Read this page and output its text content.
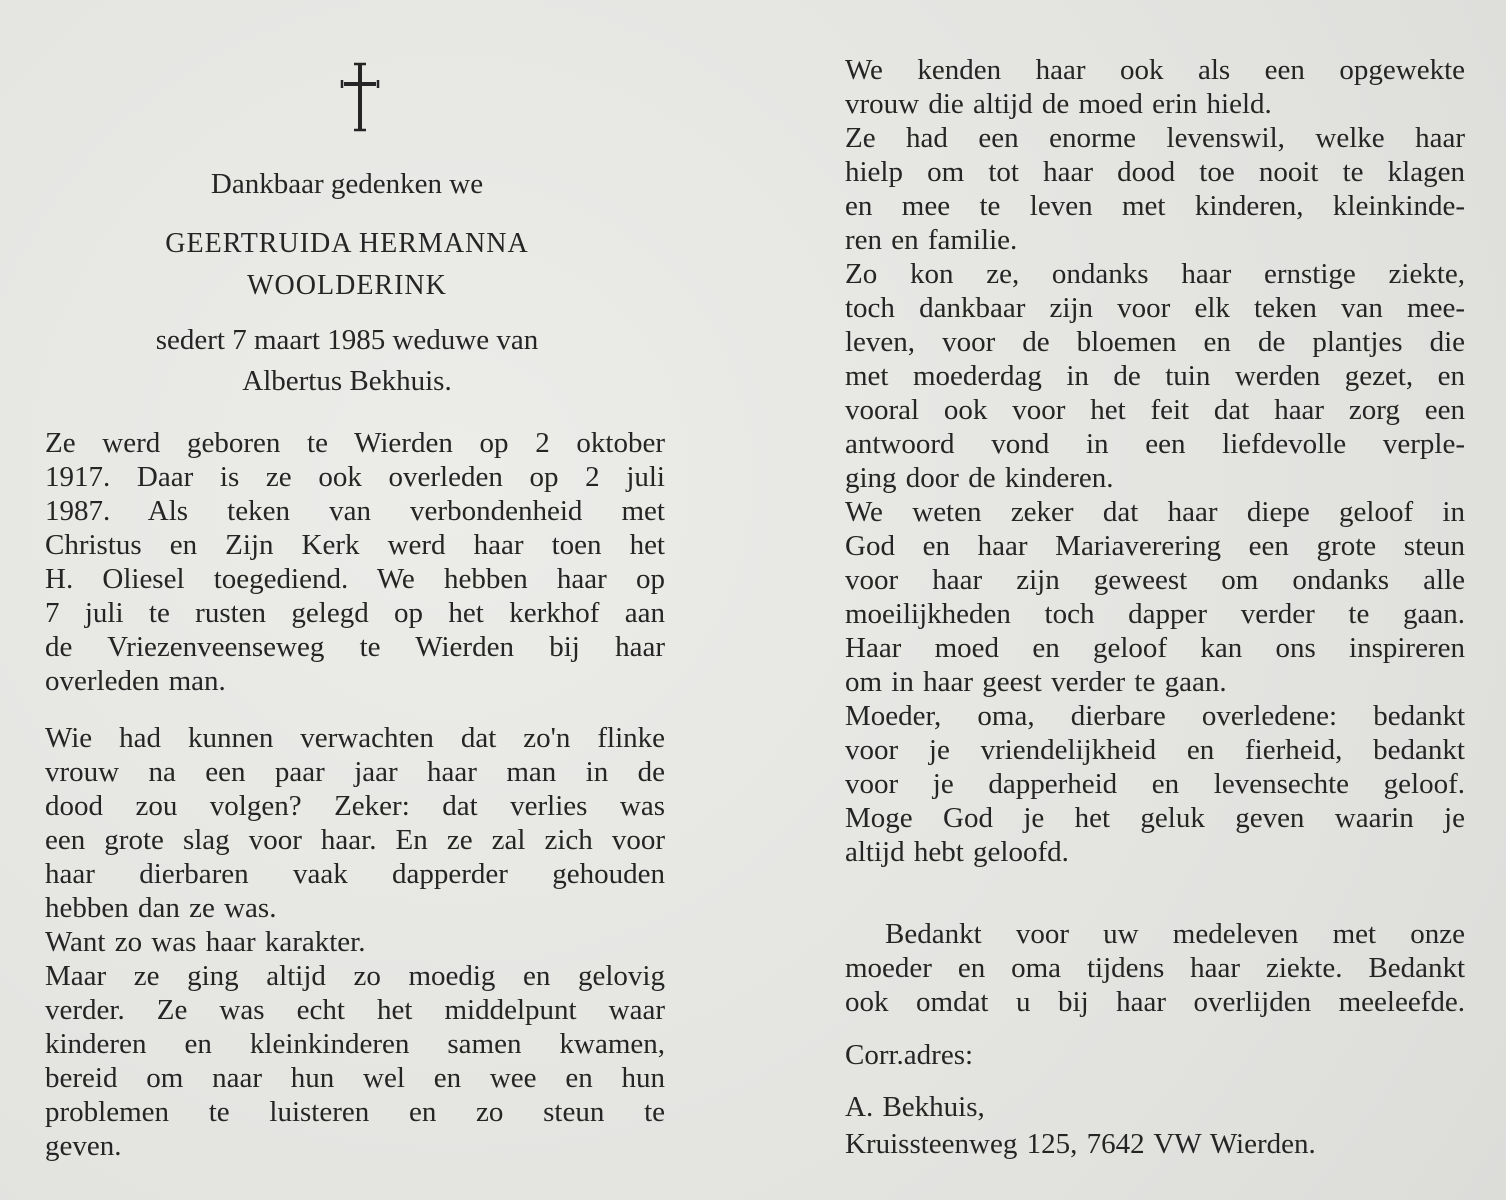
Dankbaar gedenken we
GEERTRUIDA HERMANNA
WOOLDERINK
sedert 7 maart 1985 weduwe van
Albertus Bekhuis.
Ze werd geboren te Wierden op 2 oktober
1917. Daar is ze ook overleden op 2 juli
1987. Als teken van verbondenheid met
Christus en Zijn Kerk werd haar toen het
H. Oliesel toegediend. We hebben haar op
7 juli te rusten gelegd op het kerkhof aan
de Vriezenveenseweg te Wierden bij haar
overleden man.
Wie had kunnen verwachten dat zo'n flinke
vrouw na een paar jaar haar man in de
dood zou volgen? Zeker: dat verlies was
een grote slag voor haar. En ze zal zich voor
haar dierbaren vaak dapperder gehouden
hebben dan ze was.
Want zo was haar karakter.
Maar ze ging altijd zo moedig en gelovig
verder. Ze was echt het middelpunt waar
kinderen en kleinkinderen samen kwamen,
bereid om naar hun wel en wee en hun
problemen te luisteren en zo steun te
geven.
We kenden haar ook als een opgewekte
vrouw die altijd de moed erin hield.
Ze had een enorme levenswil, welke haar
hielp om tot haar dood toe nooit te klagen
en mee te leven met kinderen, kleinkinde-
ren en familie.
Zo kon ze, ondanks haar ernstige ziekte,
toch dankbaar zijn voor elk teken van mee-
leven, voor de bloemen en de plantjes die
met moederdag in de tuin werden gezet, en
vooral ook voor het feit dat haar zorg een
antwoord vond in een liefdevolle verple-
ging door de kinderen.
We weten zeker dat haar diepe geloof in
God en haar Mariaverering een grote steun
voor haar zijn geweest om ondanks alle
moeilijkheden toch dapper verder te gaan.
Haar moed en geloof kan ons inspireren
om in haar geest verder te gaan.
Moeder, oma, dierbare overledene: bedankt
voor je vriendelijkheid en fierheid, bedankt
voor je dapperheid en levensechte geloof.
Moge God je het geluk geven waarin je
altijd hebt geloofd.
Bedankt voor uw medeleven met onze
moeder en oma tijdens haar ziekte. Bedankt
ook omdat u bij haar overlijden meeleefde.
Corr.adres:
A. Bekhuis,
Kruissteenweg 125, 7642 VW Wierden.
